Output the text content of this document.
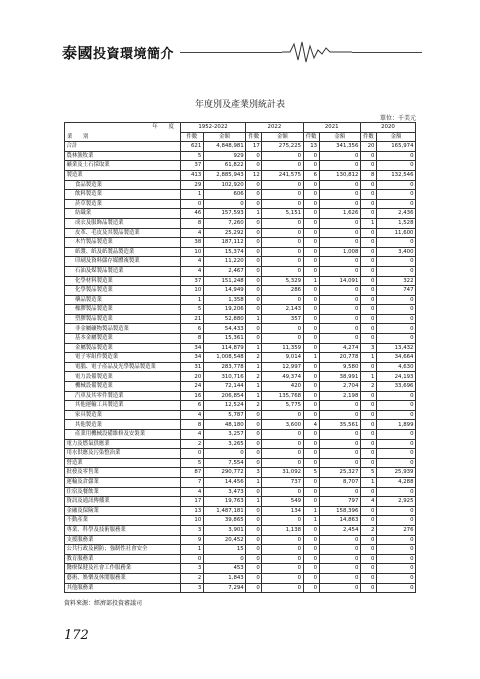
泰國投資環境簡介
年度別及產業別統計表
單位：千美元
年　　度
業　　別	1952-2022		2022		2021		2020	
	件數	金額	件數	金額	件數	金額	件數	金額
合計	621	4,848,981	17	275,225	13	341,356	20	165,974
農林漁牧業	5	929	0	0	0	0	0	0
礦業及土石採取業	37	61,822	0	0	0	0	0	0
製造業	413	2,885,943	12	241,575	6	130,812	8	132,546
食品製造業	29	102,920	0	0	0	0	0	0
飲料製造業	1	606	0	0	0	0	0	0
菸草製造業	0	0	0	0	0	0	0	0
紡織業	46	157,593	1	5,151	0	1,626	0	2,436
成衣及服飾品製造業	8	7,260	0	0	0	0	1	1,528
皮革、毛皮及其製品製造業	4	25,292	0	0	0	0	0	11,600
木竹製品製造業	38	187,112	0	0	0	0	0	0
紙漿、紙及紙製品製造業	10	15,374	0	0	0	1,008	0	3,400
印刷及資料儲存媒體複製業	4	11,220	0	0	0	0	0	0
石油及煤製品製造業	4	2,467	0	0	0	0	0	0
化學材料製造業	37	151,248	0	5,329	1	14,091	0	322
化學製品製造業	10	14,949	0	286	0	0	0	747
藥品製造業	1	1,358	0	0	0	0	0	0
橡膠製品製造業	5	19,206	0	2,143	0	0	0	0
塑膠製品製造業	21	52,880	1	357	0	0	0	0
非金屬礦物製品製造業	6	54,433	0	0	0	0	0	0
基本金屬製造業	8	15,361	0	0	0	0	0	0
金屬製品製造業	34	114,879	1	11,359	0	4,274	3	13,432
電子零組件製造業	34	1,008,548	2	9,014	1	20,778	1	34,664
電腦、電子產品及光學製品製造業	31	283,778	1	12,997	0	9,580	0	4,630
電力設備製造業	20	310,716	2	49,374	0	38,991	1	24,193
機械設備製造業	24	72,144	1	420	0	2,704	2	33,696
汽車及其零件製造業	16	206,854	1	135,768	0	2,198	0	0
其他運輸工具製造業	6	12,524	2	5,775	0	0	0	0
家具製造業	4	5,787	0	0	0	0	0	0
其他製造業	8	48,180	0	3,600	4	35,561	0	1,899
產業用機械設備維修及安裝業	4	3,257	0	0	0	0	0	0
電力及燃氣供應業	2	3,265	0	0	0	0	0	0
用水供應及污染整治業	0	0	0	0	0	0	0	0
營造業	5	7,554	0	0	0	0	0	0
批發及零售業	87	290,772	3	31,092	5	25,327	5	25,939
運輸及倉儲業	7	14,456	1	737	0	8,707	1	4,288
住宿及餐飲業	4	3,473	0	0	0	0	0	0
資訊及通訊傳播業	17	19,763	1	549	0	797	4	2,925
金融及保險業	13	1,487,181	0	134	1	158,396	0	0
不動產業	10	39,865	0	0	1	14,863	0	0
專業、科學及技術服務業	3	3,901	0	1,138	0	2,454	2	276
支援服務業	9	20,452	0	0	0	0	0	0
公共行政及國防；強制性社會安全	1	15	0	0	0	0	0	0
教育服務業	0	0	0	0	0	0	0	0
醫療保健及社會工作服務業	3	453	0	0	0	0	0	0
藝術、娛樂及休閒服務業	2	1,843	0	0	0	0	0	0
其他服務業	3	7,294	0	0	0	0	0	0
資料來源：經濟部投資審議司
172
